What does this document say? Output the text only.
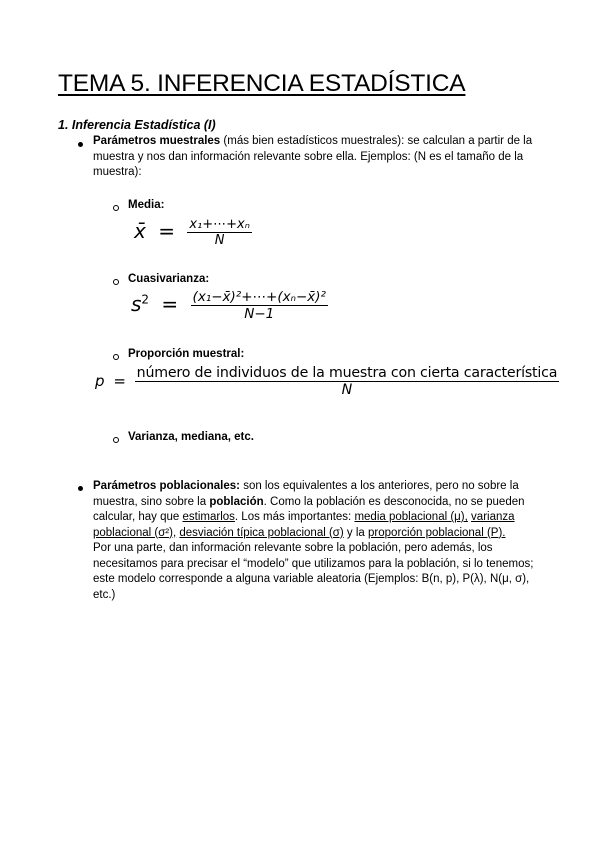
TEMA 5. INFERENCIA ESTADÍSTICA
1. Inferencia Estadística (I)
Parámetros muestrales (más bien estadísticos muestrales): se calculan a partir de la muestra y nos dan información relevante sobre ella. Ejemplos: (N es el tamaño de la muestra):
Media:
x̄ = $\frac{\text{x₁+⋯+xₙ}}{N}$
Cuasivarianza:
$s^2 = \frac{\text{(x₁−x̄)²+⋯+(xₙ−x̄)²}}{N-1}$
Proporción muestral:
$p = \frac{\text{número de individuos de la muestra con cierta característica}}{N}$
Varianza, mediana, etc.
Parámetros poblacionales: son los equivalentes a los anteriores, pero no sobre la muestra, sino sobre la población. Como la población es desconocida, no se pueden calcular, hay que estimarlos. Los más importantes: media poblacional (μ), varianza poblacional (σ²), desviación típica poblacional (σ) y la proporción poblacional (P).
Por una parte, dan información relevante sobre la población, pero además, los necesitamos para precisar el “modelo” que utilizamos para la población, si lo tenemos; este modelo corresponde a alguna variable aleatoria (Ejemplos: B(n, p), P(λ), N(μ, σ), etc.)
